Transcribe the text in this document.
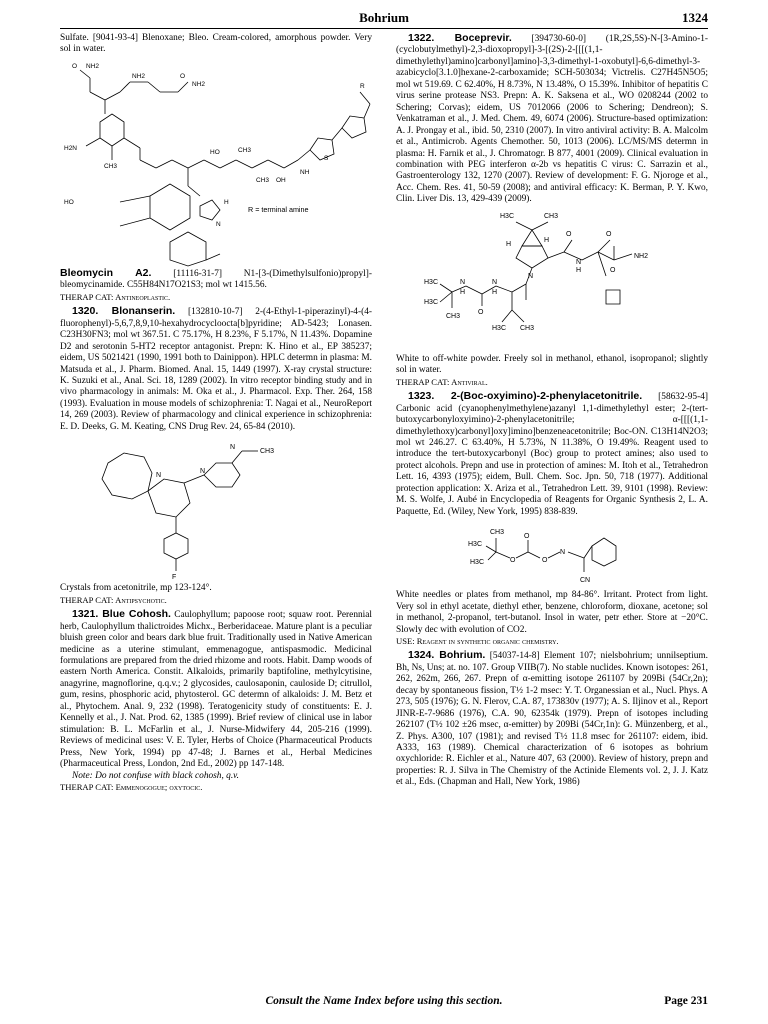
Bohrium	1324

Sulfate. [9041-93-4] Blenoxane; Bleo. Cream-colored, amorphous powder. Very sol in water.

O NH2
NH2	O
NH2
H2N
CH3
CH3
CH3
HO
HO
OH
NH
H
N
S
R
R = terminal amine

Bleomycin A2. [11116-31-7] N1-[3-(Dimethylsulfonio)propyl]-bleomycinamide. C55H84N17O21S3; mol wt 1415.56.

THERAP CAT: Antineoplastic.

1320. Blonanserin. [132810-10-7] 2-(4-Ethyl-1-piperazinyl)-4-(4-fluorophenyl)-5,6,7,8,9,10-hexahydrocycloocta[b]pyridine; AD-5423; Lonasen. C23H30FN3; mol wt 367.51. C 75.17%, H 8.23%, F 5.17%, N 11.43%. Dopamine D2 and serotonin 5-HT2 receptor antagonist. Prepn: K. Hino et al., EP 385237; eidem, US 5021421 (1990, 1991 both to Dainippon). HPLC determn in plasma: M. Matsuda et al., J. Pharm. Biomed. Anal. 15, 1449 (1997). X-ray crystal structure: K. Suzuki et al., Anal. Sci. 18, 1289 (2002). In vitro receptor binding study and in vivo pharmacology in animals: M. Oka et al., J. Pharmacol. Exp. Ther. 264, 158 (1993). Evaluation in mouse models of schizophrenia: T. Nagai et al., NeuroReport 14, 269 (2003). Review of pharmacology and clinical experience in schizophrenia: E. D. Deeks, G. M. Keating, CNS Drug Rev. 24, 65-84 (2010).

N
N
N
CH3
F

Crystals from acetonitrile, mp 123-124°.

THERAP CAT: Antipsychotic.

1321. Blue Cohosh. Caulophyllum; papoose root; squaw root. Perennial herb, Caulophyllum thalictroides Michx., Berberidaceae. Mature plant is a peculiar bluish green color and bears dark blue fruit. Traditionally used in Native American medicine as a uterine stimulant, emmenagogue, antispasmodic. Medicinal formulations are prepared from the dried rhizome and roots. Habit. Damp woods of eastern North America. Constit. Alkaloids, primarily baptifoline, methylcytisine, anagyrine, magnoflorine, q.q.v.; 2 glycosides, caulosaponin, cauloside D; citrullol, gum, resins, phosphoric acid, phytosterol. GC determn of alkaloids: J. M. Betz et al., Phytochem. Anal. 9, 232 (1998). Teratogenicity study of constituents: E. J. Kennelly et al., J. Nat. Prod. 62, 1385 (1999). Brief review of clinical use in labor stimulation: B. L. McFarlin et al., J. Nurse-Midwifery 44, 205-216 (1999). Reviews of medicinal uses: V. E. Tyler, Herbs of Choice (Pharmaceutical Products Press, New York, 1994) pp 47-48; J. Barnes et al., Herbal Medicines (Pharmaceutical Press, London, 2nd Ed., 2002) pp 147-148.

Note: Do not confuse with black cohosh, q.v.

THERAP CAT: Emmenogogue; oxytocic.

1322. Boceprevir. [394730-60-0] (1R,2S,5S)-N-[3-Amino-1-(cyclobutylmethyl)-2,3-dioxopropyl]-3-[(2S)-2-[[[(1,1-dimethylethyl)amino]carbonyl]amino]-3,3-dimethyl-1-oxobutyl]-6,6-dimethyl-3-azabicyclo[3.1.0]hexane-2-carboxamide; SCH-503034; Victrelis. C27H45N5O5; mol wt 519.69. C 62.40%, H 8.73%, N 13.48%, O 15.39%. Inhibitor of hepatitis C virus serine protease NS3. Prepn: A. K. Saksena et al., WO 0208244 (2002 to Schering; Corvas); eidem, US 7012066 (2006 to Schering; Dendreon); S. Venkatraman et al., J. Med. Chem. 49, 6074 (2006). Structure-based optimization: A. J. Prongay et al., ibid. 50, 2310 (2007). In vitro antiviral activity: B. A. Malcolm et al., Antimicrob. Agents Chemother. 50, 1013 (2006). LC/MS/MS determn in plasma: H. Farnik et al., J. Chromatogr. B 877, 4001 (2009). Clinical evaluation in combination with PEG interferon α-2b vs hepatitis C virus: C. Sarrazin et al., Gastroenterology 132, 1270 (2007). Review of development: F. G. Njoroge et al., Acc. Chem. Res. 41, 50-59 (2008); and antiviral efficacy: K. Berman, P. Y. Kwo, Clin. Liver Dis. 13, 429-439 (2009).

H3C	CH3
H
H
N
O	O
O
H
N
NH2
H3C
H3C
CH3
CH3
N
H
N
H
O
H3C

White to off-white powder. Freely sol in methanol, ethanol, isopropanol; slightly sol in water.

THERAP CAT: Antiviral.

1323. 2-(Boc-oxyimino)-2-phenylacetonitrile. [58632-95-4] Carbonic acid (cyanophenylmethylene)azanyl 1,1-dimethylethyl ester; 2-(tert-butoxycarbonyloxyimino)-2-phenylacetonitrile; α-[[[(1,1-dimethylethoxy)carbonyl]oxy]imino]benzeneacetonitrile; Boc-ON. C13H14N2O3; mol wt 246.27. C 63.40%, H 5.73%, N 11.38%, O 19.49%. Reagent used to introduce the tert-butoxycarbonyl (Boc) group to protect amines; also used to protect alcohols. Prepn and use in protection of amines: M. Itoh et al., Tetrahedron Lett. 16, 4393 (1975); eidem, Bull. Chem. Soc. Jpn. 50, 718 (1977). Additional protection application: X. Ariza et al., Tetrahedron Lett. 39, 9101 (1998). Review: M. S. Wolfe, J. Aubé in Encyclopedia of Reagents for Organic Synthesis 2, L. A. Paquette, Ed. (Wiley, New York, 1995) 838-839.

CH3
H3C
H3C	O
O
O
N
CN

White needles or plates from methanol, mp 84-86°. Irritant. Protect from light. Very sol in ethyl acetate, diethyl ether, benzene, chloroform, dioxane, acetone; sol in methanol, 2-propanol, tert-butanol. Insol in water, petr ether. Store at −20°C. Slowly dec with evolution of CO2.

USE: Reagent in synthetic organic chemistry.

1324. Bohrium. [54037-14-8] Element 107; nielsbohrium; unnilseptium. Bh, Ns, Uns; at. no. 107. Group VIIB(7). No stable nuclides. Known isotopes: 261, 262, 262m, 266, 267. Prepn of α-emitting isotope 261107 by 209Bi (54Cr,2n); decay by spontaneous fission, T½ 1-2 msec: Y. T. Organessian et al., Nucl. Phys. A 273, 505 (1976); G. N. Flerov, C.A. 87, 173830v (1977); A. S. Iljinov et al., Report JINR-E-7-9686 (1976), C.A. 90, 62354k (1979). Prepn of isotopes including 262107 (T½ 102 ±26 msec, α-emitter) by 209Bi (54Cr,1n): G. Münzenberg, et al., Z. Phys. A300, 107 (1981); and revised T½ 11.8 msec for 261107: eidem, ibid. A333, 163 (1989). Chemical characterization of 6 isotopes as bohrium oxychloride: R. Eichler et al., Nature 407, 63 (2000). Review of history, prepn and properties: R. J. Silva in The Chemistry of the Actinide Elements vol. 2, J. J. Katz et al., Eds. (Chapman and Hall, New York, 1986)

Consult the Name Index before using this section.	Page 231
